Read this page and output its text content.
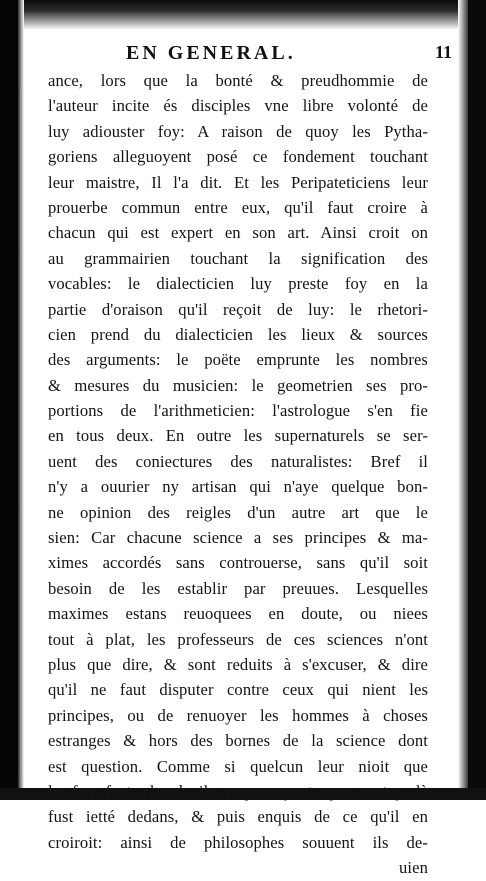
EN GENERAL.	11
ance, lors que la bonté & preudhommie de
l'auteur incite és disciples vne libre volonté de
luy adiouster foy: A raison de quoy les Pytha-
goriens alleguoyent posé ce fondement touchant
leur maistre, Il l'a dit. Et les Peripateticiens leur
prouerbe commun entre eux, qu'il faut croire à
chacun qui est expert en son art. Ainsi croit on
au grammairien touchant la signification des
vocables: le dialecticien luy preste foy en la
partie d'oraison qu'il reçoit de luy: le rhetori-
cien prend du dialecticien les lieux & sources
des arguments: le poëte emprunte les nombres
& mesures du musicien: le geometrien ses pro-
portions de l'arithmeticien: l'astrologue s'en fie
en tous deux. En outre les supernaturels se ser-
uent des coniectures des naturalistes: Bref il
n'y a ouurier ny artisan qui n'aye quelque bon-
ne opinion des reigles d'un autre art que le
sien: Car chacune science a ses principes & ma-
ximes accordés sans controuerse, sans qu'il soit
besoin de les establir par preuues. Lesquelles
maximes estans reuoquees en doute, ou niees
tout à plat, les professeurs de ces sciences n'ont
plus que dire, & sont reduits à s'excuser, & dire
qu'il ne faut disputer contre ceux qui nient les
principes, ou de renuoyer les hommes à choses
estranges & hors des bornes de la science dont
est question. Comme si quelcun leur nioit que
le feu fust chaud, ils requerroyent que cestuy là
fust ietté dedans, & puis enquis de ce qu'il en
croiroit: ainsi de philosophes souuent ils de-
uien
